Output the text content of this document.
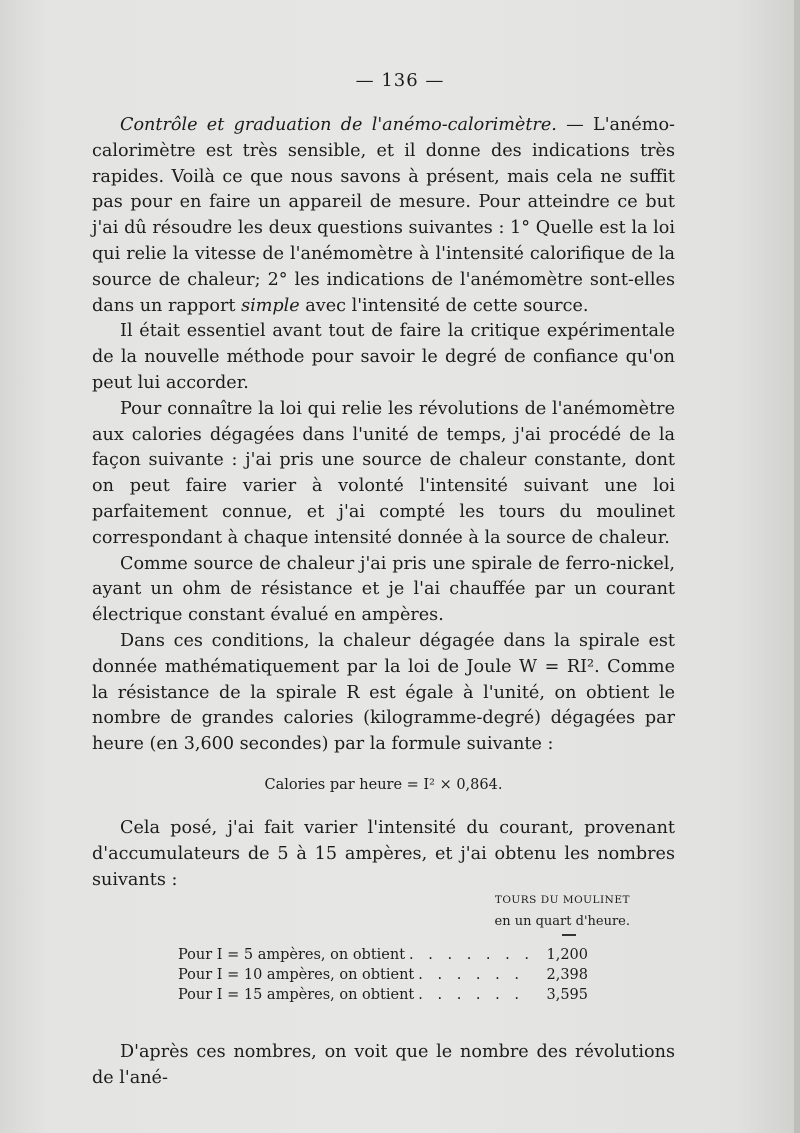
— 136 —

Contrôle et graduation de l'anémo-calorimètre. — L'anémo-calorimètre est très sensible, et il donne des indications très rapides. Voilà ce que nous savons à présent, mais cela ne suffit pas pour en faire un appareil de mesure. Pour atteindre ce but j'ai dû résoudre les deux questions suivantes : 1° Quelle est la loi qui relie la vitesse de l'anémomètre à l'intensité calorifique de la source de chaleur; 2° les indications de l'anémomètre sont-elles dans un rapport simple avec l'intensité de cette source.

Il était essentiel avant tout de faire la critique expérimentale de la nouvelle méthode pour savoir le degré de confiance qu'on peut lui accorder.

Pour connaître la loi qui relie les révolutions de l'anémomètre aux calories dégagées dans l'unité de temps, j'ai procédé de la façon suivante : j'ai pris une source de chaleur constante, dont on peut faire varier à volonté l'intensité suivant une loi parfaitement connue, et j'ai compté les tours du moulinet correspondant à chaque intensité donnée à la source de chaleur.

Comme source de chaleur j'ai pris une spirale de ferro-nickel, ayant un ohm de résistance et je l'ai chauffée par un courant électrique constant évalué en ampères.

Dans ces conditions, la chaleur dégagée dans la spirale est donnée mathématiquement par la loi de Joule W = RI². Comme la résistance de la spirale R est égale à l'unité, on obtient le nombre de grandes calories (kilogramme-degré) dégagées par heure (en 3,600 secondes) par la formule suivante :

Calories par heure = I² × 0,864.

Cela posé, j'ai fait varier l'intensité du courant, provenant d'accumulateurs de 5 à 15 ampères, et j'ai obtenu les nombres suivants :

TOURS DU MOULINET
en un quart d'heure.
Pour I = 5 ampères, on obtient . . .	1,200
Pour I = 10 ampères, on obtient . . .	2,398
Pour I = 15 ampères, on obtient . . .	3,595

D'après ces nombres, on voit que le nombre des révolutions de l'ané-
